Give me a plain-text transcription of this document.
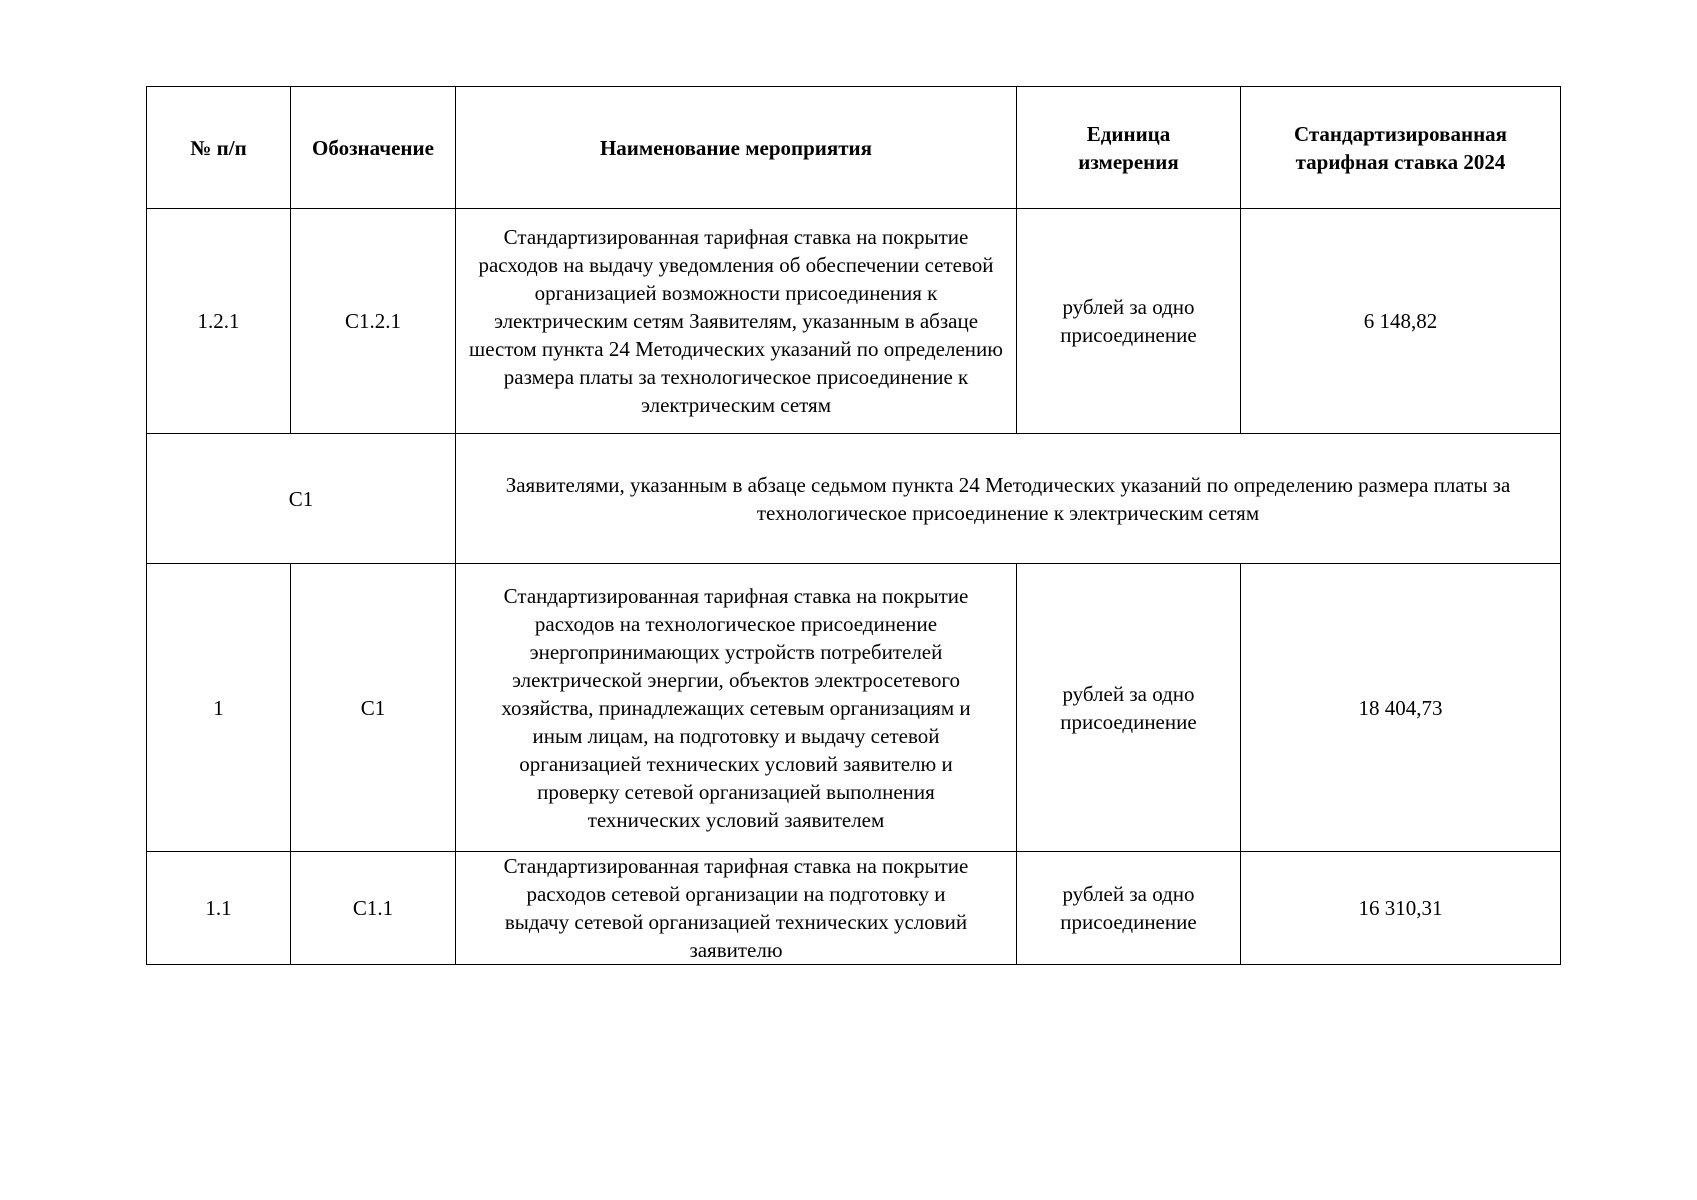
№ п/п	Обозначение	Наименование мероприятия	Единица измерения	Стандартизированная тарифная ставка 2024

1.2.1	С1.2.1	Стандартизированная тарифная ставка на покрытие расходов на выдачу уведомления об обеспечении сетевой организацией возможности присоединения к электрическим сетям Заявителям, указанным в абзаце шестом пункта 24 Методических указаний по определению размера платы за технологическое присоединение к электрическим сетям	рублей за одно присоединение	6 148,82
С1		Заявителями, указанным в абзаце седьмом пункта 24 Методических указаний по определению размера платы за технологическое присоединение к электрическим сетям		

1	С1	Стандартизированная тарифная ставка на покрытие расходов на технологическое присоединение энергопринимающих устройств потребителей электрической энергии, объектов электросетевого хозяйства, принадлежащих сетевым организациям и иным лицам, на подготовку и выдачу сетевой организацией технических условий заявителю и проверку сетевой организацией выполнения технических условий заявителем	рублей за одно присоединение	18 404,73
1.1	С1.1	Стандартизированная тарифная ставка на покрытие расходов сетевой организации на подготовку и выдачу сетевой организацией технических условий заявителю	рублей за одно присоединение	16 310,31
